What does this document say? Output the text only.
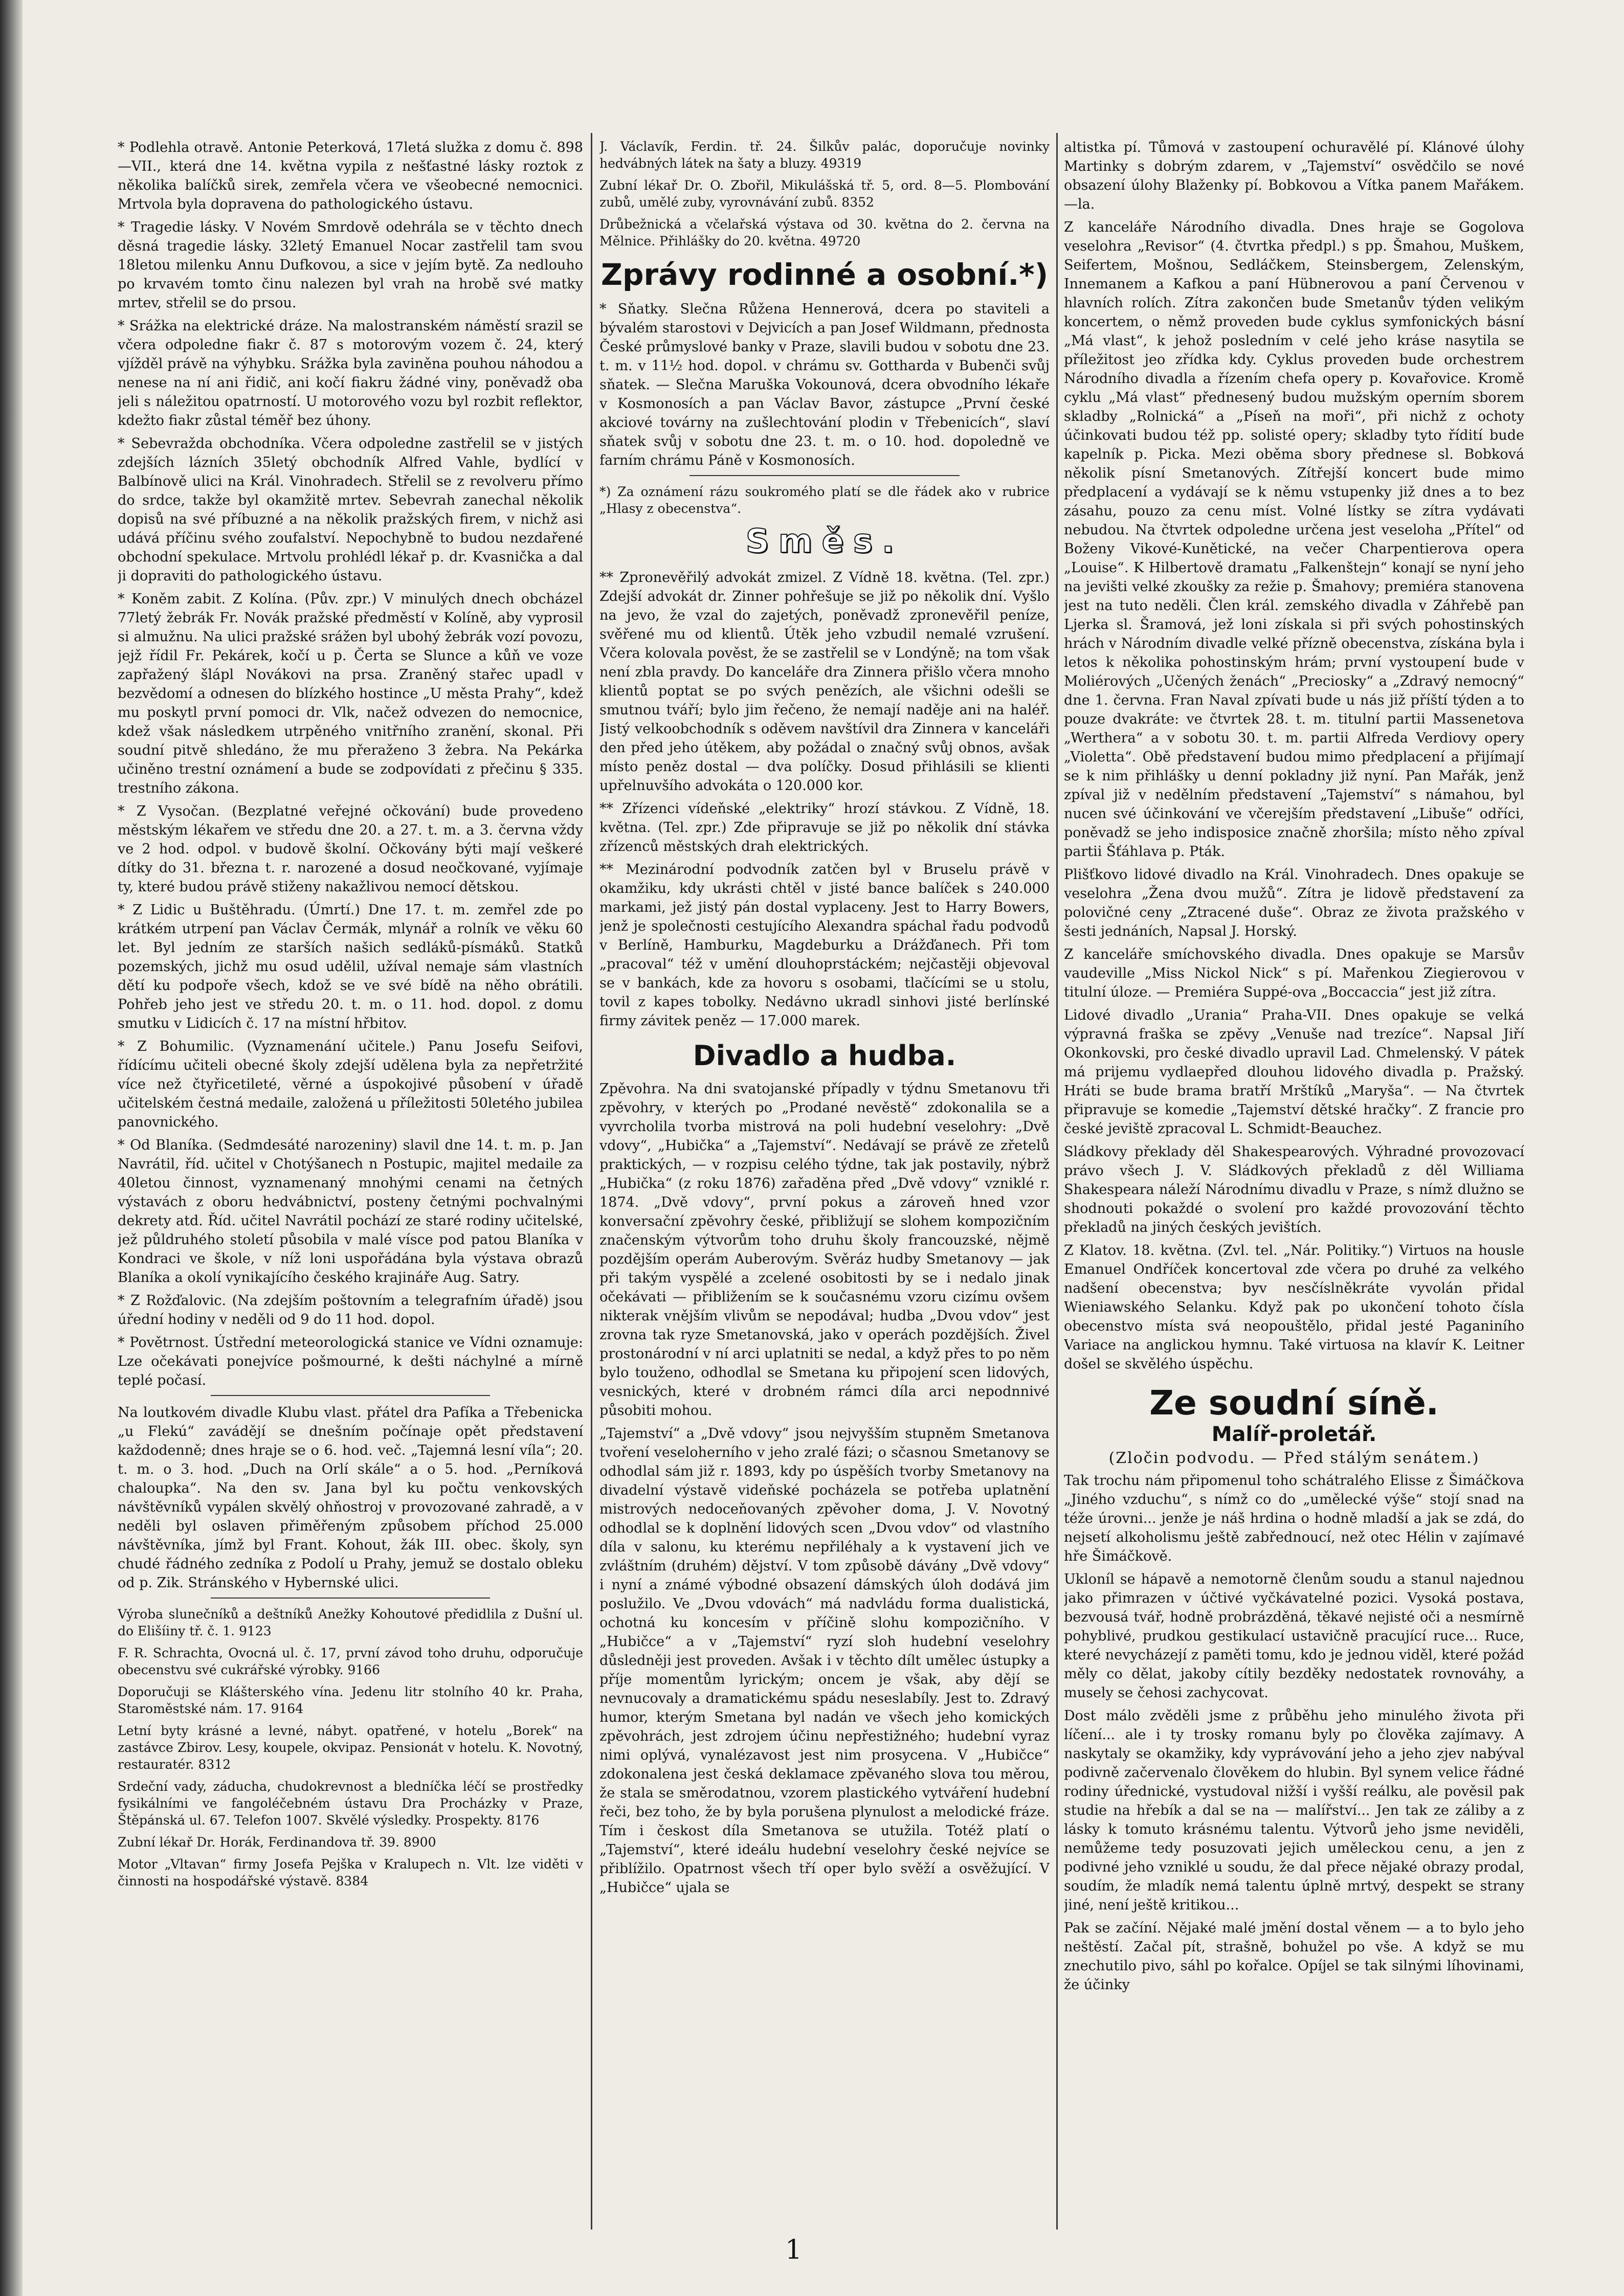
* Podlehla otravě. Antonie Peterková, 17letá služka z domu č. 898—VII., která dne 14. května vypila z nešťastné lásky roztok z několika balíčků sirek, zemřela včera ve všeobecné nemocnici. Mrtvola byla dopravena do pathologického ústavu.

* Tragedie lásky. V Novém Smrdově odehrála se v těchto dnech děsná tragedie lásky. 32letý Emanuel Nocar zastřelil tam svou 18letou milenku Annu Dufkovou, a sice v jejím bytě. Za nedlouho po krvavém tomto činu nalezen byl vrah na hrobě své matky mrtev, střelil se do prsou.

* Srážka na elektrické dráze. Na malostranském náměstí srazil se včera odpoledne fiakr č. 87 s motorovým vozem č. 24, který vjížděl právě na výhybku. Srážka byla zaviněna pouhou náhodou a nenese na ní ani řidič, ani kočí fiakru žádné viny, poněvadž oba jeli s náležitou opatrností. U motorového vozu byl rozbit reflektor, kdežto fiakr zůstal téměř bez úhony.

* Sebevražda obchodníka. Včera odpoledne zastřelil se v jistých zdejších lázních 35letý obchodník Alfred Vahle, bydlící v Balbínově ulici na Král. Vinohradech. Střelil se z revolveru přímo do srdce, takže byl okamžitě mrtev. Sebevrah zanechal několik dopisů na své příbuzné a na několik pražských firem, v nichž asi udává příčinu svého zoufalství. Nepochybně to budou nezdařené obchodní spekulace. Mrtvolu prohlédl lékař p. dr. Kvasnička a dal ji dopraviti do pathologického ústavu.

* Koněm zabit. Z Kolína. (Pův. zpr.) V minulých dnech obcházel 77letý žebrák Fr. Novák pražské předměstí v Kolíně, aby vyprosil si almužnu. Na ulici pražské srážen byl ubohý žebrák vozí povozu, jejž řídil Fr. Pekárek, kočí u p. Čerta se Slunce a kůň ve voze zapřažený šlápl Novákovi na prsa. Zraněný stařec upadl v bezvědomí a odnesen do blízkého hostince „U města Prahy“, kdež mu poskytl první pomoci dr. Vlk, načež odvezen do nemocnice, kdež však následkem utrpěného vnitřního zranění, skonal. Při soudní pitvě shledáno, že mu přeraženo 3 žebra. Na Pekárka učiněno trestní oznámení a bude se zodpovídati z přečinu § 335. trestního zákona.

* Z Vysočan. (Bezplatné veřejné očkování) bude provedeno městským lékařem ve středu dne 20. a 27. t. m. a 3. června vždy ve 2 hod. odpol. v budově školní. Očkovány býti mají veškeré dítky do 31. března t. r. narozené a dosud neočkované, vyjímaje ty, které budou právě stiženy nakažlivou nemocí dětskou.

* Z Lidic u Buštěhradu. (Úmrtí.) Dne 17. t. m. zemřel zde po krátkém utrpení pan Václav Čermák, mlynář a rolník ve věku 60 let. Byl jedním ze starších našich sedláků-písmáků. Statků pozemských, jichž mu osud udělil, užíval nemaje sám vlastních dětí ku podpoře všech, kdož se ve své bídě na něho obrátili. Pohřeb jeho jest ve středu 20. t. m. o 11. hod. dopol. z domu smutku v Lidicích č. 17 na místní hřbitov.

* Z Bohumilic. (Vyznamenání učitele.) Panu Josefu Seifovi, řídícímu učiteli obecné školy zdejší udělena byla za nepřetržité více než čtyřicetileté, věrné a úspokojivé působení v úřadě učitelském čestná medaile, založená u příležitosti 50letého jubilea panovnického.

* Od Blaníka. (Sedmdesáté narozeniny) slavil dne 14. t. m. p. Jan Navrátil, říd. učitel v Chotýšanech n Postupic, majitel medaile za 40letou činnost, vyznamenaný mnohými cenami na četných výstavách z oboru hedvábnictví, posteny četnými pochvalnými dekrety atd. Říd. učitel Navrátil pochází ze staré rodiny učitelské, jež půldruhého století působila v malé vísce pod patou Blaníka v Kondraci ve škole, v níž loni uspořádána byla výstava obrazů Blaníka a okolí vynikajícího českého krajináře Aug. Satry.

* Z Rožďalovic. (Na zdejším poštovním a telegrafním úřadě) jsou úřední hodiny v neděli od 9 do 11 hod. dopol.

* Povětrnost. Ústřední meteorologická stanice ve Vídni oznamuje: Lze očekávati ponejvíce pošmourné, k dešti náchylné a mírně teplé počasí.

Na loutkovém divadle Klubu vlast. přátel dra Pafíka a Třebenicka „u Flekú“ zavádějí se dnešním počínaje opět představení každodenně; dnes hraje se o 6. hod. več. „Tajemná lesní víla“; 20. t. m. o 3. hod. „Duch na Orlí skále“ a o 5. hod. „Perníková chaloupka“. Na den sv. Jana byl ku počtu venkovských návštěvníků vypálen skvělý ohňostroj v provozované zahradě, a v neděli byl oslaven přiměřeným způsobem příchod 25.000 návštěvníka, jímž byl Frant. Kohout, žák III. obec. školy, syn chudé řádného zedníka z Podolí u Prahy, jemuž se dostalo obleku od p. Zik. Stránského v Hybernské ulici.

Výroba slunečníků a deštníků Anežky Kohoutové předidlila z Dušní ul. do Elišíiny tř. č. 1. 9123

F. R. Schrachta, Ovocná ul. č. 17, první závod toho druhu, odporučuje obecenstvu své cukrářské výrobky. 9166

Doporučuji se Klášterského vína. Jedenu litr stolního 40 kr. Praha, Staroměstské nám. 17. 9164

Letní byty krásné a levné, nábyt. opatřené, v hotelu „Borek“ na zastávce Zbirov. Lesy, koupele, okvipaz. Pensionát v hotelu. K. Novotný, restauratér. 8312

Srdeční vady, záducha, chudokrevnost a bledníčka léčí se prostředky fysikálními ve fangoléčebném ústavu Dra Procházky v Praze, Štěpánská ul. 67. Telefon 1007. Skvělé výsledky. Prospekty. 8176

Zubní lékař Dr. Horák, Ferdinandova tř. 39. 8900

Motor „Vltavan“ firmy Josefa Pejška v Kralupech n. Vlt. lze viděti v činnosti na hospodářské výstavě. 8384

J. Václavík, Ferdin. tř. 24. Šilkův palác, doporučuje novinky hedvábných látek na šaty a bluzy. 49319

Zubní lékař Dr. O. Zbořil, Mikulášská tř. 5, ord. 8—5. Plombování zubů, umělé zuby, vyrovnávání zubů. 8352

Drůbežnická a včelařská výstava od 30. května do 2. června na Mělnice. Přihlášky do 20. května. 49720

Zprávy rodinné a osobní.*)

* Sňatky. Slečna Růžena Hennerová, dcera po staviteli a bývalém starostovi v Dejvicích a pan Josef Wildmann, přednosta České průmyslové banky v Praze, slavili budou v sobotu dne 23. t. m. v 11½ hod. dopol. v chrámu sv. Gottharda v Bubenči svůj sňatek. — Slečna Maruška Vokounová, dcera obvodního lékaře v Kosmonosích a pan Václav Bavor, zástupce „První české akciové továrny na zušlechtování plodin v Třebenicích“, slaví sňatek svůj v sobotu dne 23. t. m. o 10. hod. dopoledně ve farním chrámu Páně v Kosmonosích.

*) Za oznámení rázu soukromého platí se dle řádek ako v rubrice „Hlasy z obecenstva“.

Směs.

** Zpronevěřilý advokát zmizel. Z Vídně 18. května. (Tel. zpr.) Zdejší advokát dr. Zinner pohřešuje se již po několik dní. Vyšlo na jevo, že vzal do zajetých, poněvadž zpronevěřil peníze, svěřené mu od klientů. Útěk jeho vzbudil nemalé vzrušení. Včera kolovala pověst, že se zastřelil se v Londýně; na tom však není zbla pravdy. Do kanceláře dra Zinnera přišlo včera mnoho klientů poptat se po svých penězích, ale všichni odešli se smutnou tváří; bylo jim řečeno, že nemají naděje ani na haléř. Jistý velkoobchodník s oděvem navštívil dra Zinnera v kanceláři den před jeho útěkem, aby požádal o značný svůj obnos, avšak místo peněz dostal — dva políčky. Dosud přihlásili se klienti upřelnuvšího advokáta o 120.000 kor.

** Zřízenci vídeňské „elektriky“ hrozí stávkou. Z Vídně, 18. května. (Tel. zpr.) Zde připravuje se již po několik dní stávka zřízenců městských drah elektrických.

** Mezinárodní podvodník zatčen byl v Bruselu právě v okamžiku, kdy ukrásti chtěl v jisté bance balíček s 240.000 markami, jež jistý pán dostal vyplaceny. Jest to Harry Bowers, jenž je společnosti cestujícího Alexandra spáchal řadu podvodů v Berlíně, Hamburku, Magdeburku a Drážďanech. Při tom „pracoval“ též v umění dlouhoprstáckém; nejčastěji objevoval se v bankách, kde za hovoru s osobami, tlačícími se u stolu, tovil z kapes tobolky. Nedávno ukradl sinhovi jisté berlínské firmy závitek peněz — 17.000 marek.

Divadlo a hudba.

Zpěvohra. Na dni svatojanské případly v týdnu Smetanovu tři zpěvohry, v kterých po „Prodané nevěstě“ zdokonalila se a vyvrcholila tvorba mistrová na poli hudební veselohry: „Dvě vdovy“, „Hubička“ a „Tajemství“. Nedávají se právě ze zřetelů praktických, — v rozpisu celého týdne, tak jak postavily, nýbrž „Hubička“ (z roku 1876) zařaděna před „Dvě vdovy“ vzniklé r. 1874. „Dvě vdovy“, první pokus a zároveň hned vzor konversační zpěvohry české, přibližují se slohem kompozičním značenským výtvorům toho druhu školy francouzské, nějmě pozdějším operám Auberovým. Svěráz hudby Smetanovy — jak při takým vyspělé a zcelené osobitosti by se i nedalo jinak očekávati — přibližením se k současnému vzoru cizímu ovšem nikterak vnějším vlivům se nepodával; hudba „Dvou vdov“ jest zrovna tak ryze Smetanovská, jako v operách pozdějších. Živel prostonárodní v ní arci uplatniti se nedal, a když přes to po něm bylo touženo, odhodlal se Smetana ku připojení scen lidových, vesnických, které v drobném rámci díla arci nepodnnivé působiti mohou.

„Tajemství“ a „Dvě vdovy“ jsou nejvyšším stupněm Smetanova tvoření veseloherního v jeho zralé fázi; o sčasnou Smetanovy se odhodlal sám již r. 1893, kdy po úspěších tvorby Smetanovy na divadelní výstavě videňské pocházela se potřeba uplatnění mistrových nedoceňovaných zpěvoher doma, J. V. Novotný odhodlal se k doplnění lidových scen „Dvou vdov“ od vlastního díla v salonu, ku kterému nepřiléhaly a k vystavení jich ve zvláštním (druhém) dějství. V tom způsobě dávány „Dvě vdovy“ i nyní a známé výbodné obsazení dámských úloh dodává jim poslužilo. Ve „Dvou vdovách“ má nadvládu forma dualistická, ochotná ku koncesím v příčině slohu kompozičního. V „Hubičce“ a v „Tajemství“ ryzí sloh hudební veselohry důsledněji jest proveden. Avšak i v těchto dílt umělec ústupky a příje momentům lyrickým; oncem je však, aby dějí se nevnucovaly a dramatickému spádu neseslabíly. Jest to. Zdravý humor, kterým Smetana byl nadán ve všech jeho komických zpěvohrách, jest zdrojem účinu nepřestižného; hudební vyraz nimi oplývá, vynalézavost jest nim prosycena. V „Hubičce“ zdokonalena jest česká deklamace zpěvaného slova tou měrou, že stala se směrodatnou, vzorem plastického vytváření hudební řeči, bez toho, že by byla porušena plynulost a melodické fráze. Tím i českost díla Smetanova se utužila. Totéž platí o „Tajemství“, které ideálu hudební veselohry české nejvíce se přiblížilo. Opatrnost všech tří oper bylo svěží a osvěžující. V „Hubičce“ ujala se

altistka pí. Tůmová v zastoupení ochuravělé pí. Klánové úlohy Martinky s dobrým zdarem, v „Tajemství“ osvědčilo se nové obsazení úlohy Blaženky pí. Bobkovou a Vítka panem Mařákem. —la.

Z kanceláře Národního divadla. Dnes hraje se Gogolova veselohra „Revisor“ (4. čtvrtka předpl.) s pp. Šmahou, Muškem, Seifertem, Mošnou, Sedláčkem, Steinsbergem, Zelenským, Innemanem a Kafkou a paní Hübnerovou a paní Červenou v hlavních rolích. Zítra zakončen bude Smetanův týden velikým koncertem, o němž proveden bude cyklus symfonických básní „Má vlast“, k jehož posledním v celé jeho kráse nasytila se příležitost jeo zřídka kdy. Cyklus proveden bude orchestrem Národního divadla a řízením chefa opery p. Kovařovice. Kromě cyklu „Má vlast“ přednesený budou mužským operním sborem skladby „Rolnická“ a „Píseň na moři“, při nichž z ochoty účinkovati budou též pp. solisté opery; skladby tyto řídití bude kapelník p. Picka. Mezi oběma sbory přednese sl. Bobková několik písní Smetanových. Zítřejší koncert bude mimo předplacení a vydávají se k němu vstupenky již dnes a to bez zásahu, pouzo za cenu míst. Volné lístky se zítra vydávati nebudou. Na čtvrtek odpoledne určena jest veseloha „Přítel“ od Boženy Vikové-Kunětické, na večer Charpentierova opera „Louise“. K Hilbertově dramatu „Falkenštejn“ konají se nyní jeho na jevišti velké zkoušky za režie p. Šmahovy; premiéra stanovena jest na tuto neděli. Člen král. zemského divadla v Záhřebě pan Ljerka sl. Šramová, jež loni získala si při svých pohostinských hrách v Národním divadle velké přízně obecenstva, získána byla i letos k několika pohostinským hrám; první vystoupení bude v Moliérových „Učených ženách“ „Preciosky“ a „Zdravý nemocný“ dne 1. června. Fran Naval zpívati bude u nás již příští týden a to pouze dvakráte: ve čtvrtek 28. t. m. titulní partii Massenetova „Werthera“ a v sobotu 30. t. m. partii Alfreda Verdiovy opery „Violetta“. Obě představení budou mimo předplacení a přijímají se k nim přihlášky u denní pokladny již nyní. Pan Mařák, jenž zpíval již v nedělním představení „Tajemství“ s námahou, byl nucen své účinkování ve včerejším představení „Libuše“ odříci, poněvadž se jeho indisposice značně zhoršila; místo něho zpíval partii Šťáhlava p. Pták.

Plišťkovo lidové divadlo na Král. Vinohradech. Dnes opakuje se veselohra „Žena dvou mužů“. Zítra je lidově představení za polovičné ceny „Ztracené duše“. Obraz ze života pražského v šesti jednáních, Napsal J. Horský.

Z kanceláře smíchovského divadla. Dnes opakuje se Marsův vaudeville „Miss Nickol Nick“ s pí. Mařenkou Ziegierovou v titulní úloze. — Premiéra Suppé-ova „Boccaccia“ jest již zítra.

Lidové divadlo „Urania“ Praha-VII. Dnes opakuje se velká výpravná fraška se zpěvy „Venuše nad trezíce“. Napsal Jiří Okonkovski, pro české divadlo upravil Lad. Chmelenský. V pátek má prijemu vydlaepřed dlouhou lidového divadla p. Pražský. Hráti se bude brama bratří Mrštíků „Maryša“. — Na čtvrtek připravuje se komedie „Tajemství dětské hračky“. Z francie pro české jeviště zpracoval L. Schmidt-Beauchez.

Sládkovy překlady děl Shakespearových. Výhradné provozovací právo všech J. V. Sládkových překladů z děl Williama Shakespeara náleží Národnímu divadlu v Praze, s nímž dlužno se shodnouti pokaždé o svolení pro každé provozování těchto překladů na jiných českých jevištích.

Z Klatov. 18. května. (Zvl. tel. „Nár. Politiky.“) Virtuos na housle Emanuel Ondříček koncertoval zde včera po druhé za velkého nadšení obecenstva; byv nesčíslněkráte vyvolán přidal Wieniawského Selanku. Když pak po ukončení tohoto čísla obecenstvo místa svá neopouštělo, přidal jesté Paganiního Variace na anglickou hymnu. Také virtuosa na klavír K. Leitner došel se skvělého úspěchu.

Ze soudní síně.
Malíř-proletář.
(Zločin podvodu. — Před stálým senátem.)

Tak trochu nám připomenul toho schátralého Elisse z Šimáčkova „Jiného vzduchu“, s nímž co do „umělecké výše“ stojí snad na téže úrovni... jenže je náš hrdina o hodně mladší a jak se zdá, do nejsetí alkoholismu ještě zabřednoucí, než otec Hélin v zajímavé hře Šimáčkově.

Ukloníl se hápavě a nemotorně členům soudu a stanul najednou jako přimrazen v účtivé vyčkávatelné pozici. Vysoká postava, bezvousá tvář, hodně probrázděná, těkavé nejisté oči a nesmírně pohyblivé, prudkou gestikulací ustavičně pracující ruce... Ruce, které nevycházejí z paměti tomu, kdo je jednou viděl, které požád měly co dělat, jakoby cítily bezděky nedostatek rovnováhy, a musely se čehosi zachycovat.

Dost málo zvěděli jsme z průběhu jeho minulého života při líčení... ale i ty trosky romanu byly po člověka zajímavy. A naskytaly se okamžiky, kdy vyprávování jeho a jeho zjev nabýval podivně začervenalo člověkem do hlubin. Byl synem velice řádné rodiny úřednické, vystudoval nižší i vyšší reálku, ale pověsil pak studie na hřebík a dal se na — malířství... Jen tak ze záliby a z lásky k tomuto krásnému talentu. Výtvorů jeho jsme neviděli, nemůžeme tedy posuzovati jejich uměleckou cenu, a jen z podivné jeho vzniklé u soudu, že dal přece nějaké obrazy prodal, soudím, že mladík nemá talentu úplně mrtvý, despekt se strany jiné, není ještě kritikou...

Pak se začíní. Nějaké malé jmění dostal věnem — a to bylo jeho neštěstí. Začal pít, strašně, bohužel po vše. A když se mu znechutilo pivo, sáhl po kořalce. Opíjel se tak silnými líhovinami, že účinky

1
